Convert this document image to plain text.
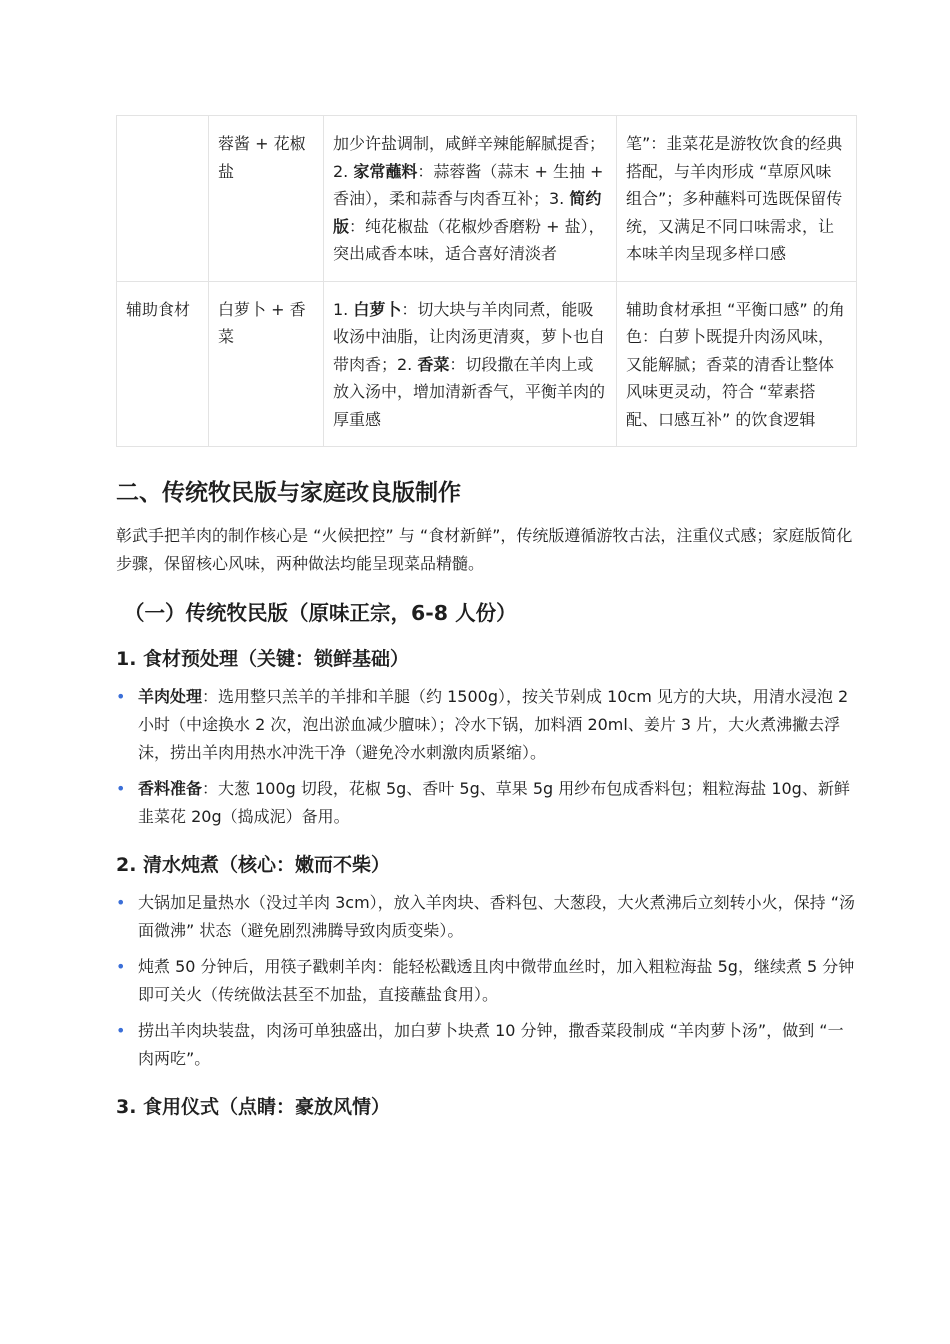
	蓉酱 + 花椒盐	加少许盐调制，咸鲜辛辣能解腻提香；2. 家常蘸料：蒜蓉酱（蒜末 + 生抽 + 香油），柔和蒜香与肉香互补；3. 简约版：纯花椒盐（花椒炒香磨粉 + 盐），突出咸香本味，适合喜好清淡者	笔”：韭菜花是游牧饮食的经典搭配，与羊肉形成 “草原风味组合”；多种蘸料可选既保留传统，又满足不同口味需求，让本味羊肉呈现多样口感
辅助食材	白萝卜 + 香菜	1. 白萝卜：切大块与羊肉同煮，能吸收汤中油脂，让肉汤更清爽，萝卜也自带肉香；2. 香菜：切段撒在羊肉上或放入汤中，增加清新香气，平衡羊肉的厚重感	辅助食材承担 “平衡口感” 的角色：白萝卜既提升肉汤风味，又能解腻；香菜的清香让整体风味更灵动，符合 “荤素搭配、口感互补” 的饮食逻辑
二、传统牧民版与家庭改良版制作

彰武手把羊肉的制作核心是 “火候把控” 与 “食材新鲜”，传统版遵循游牧古法，注重仪式感；家庭版简化步骤，保留核心风味，两种做法均能呈现菜品精髓。

（一）传统牧民版（原味正宗，6-8 人份）
1. 食材预处理（关键：锁鲜基础）
• 羊肉处理：选用整只羔羊的羊排和羊腿（约 1500g），按关节剁成 10cm 见方的大块，用清水浸泡 2 小时（中途换水 2 次，泡出淤血减少膻味）；冷水下锅，加料酒 20ml、姜片 3 片，大火煮沸撇去浮沫，捞出羊肉用热水冲洗干净（避免冷水刺激肉质紧缩）。
• 香料准备：大葱 100g 切段，花椒 5g、香叶 5g、草果 5g 用纱布包成香料包；粗粒海盐 10g、新鲜韭菜花 20g（捣成泥）备用。
2. 清水炖煮（核心：嫩而不柴）
• 大锅加足量热水（没过羊肉 3cm），放入羊肉块、香料包、大葱段，大火煮沸后立刻转小火，保持 “汤面微沸” 状态（避免剧烈沸腾导致肉质变柴）。
• 炖煮 50 分钟后，用筷子戳刺羊肉：能轻松戳透且肉中微带血丝时，加入粗粒海盐 5g，继续煮 5 分钟即可关火（传统做法甚至不加盐，直接蘸盐食用）。
• 捞出羊肉块装盘，肉汤可单独盛出，加白萝卜块煮 10 分钟，撒香菜段制成 “羊肉萝卜汤”，做到 “一肉两吃”。
3. 食用仪式（点睛：豪放风情）
